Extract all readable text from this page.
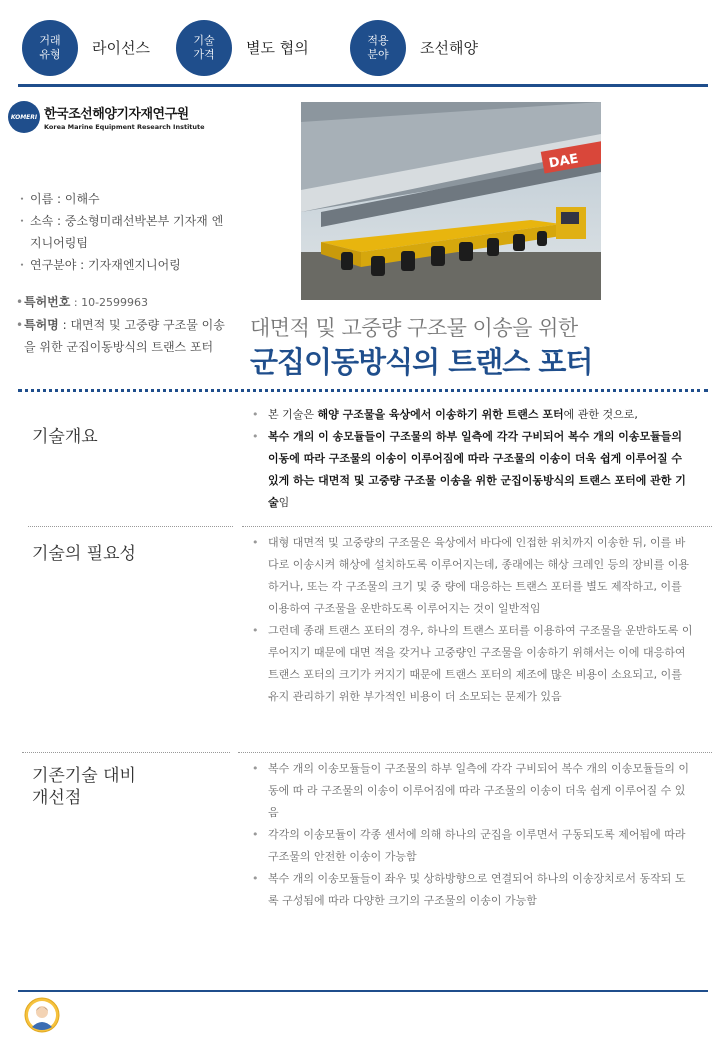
거래
유형 라이선스	기술
가격 별도 협의	적용
분야 조선해양
KOMERI 한국조선해양기자재연구원
Korea Marine Equipment Research Institute
・ 이름 : 이해수
・ 소속 : 중소형미래선박본부 기자재 엔지니어링팀
・ 연구분야 : 기자재엔지니어링
• 특허번호 : 10-2599963
• 특허명 : 대면적 및 고중량 구조물 이송을 위한 군집이동방식의 트랜스 포터
DAE
대면적 및 고중량 구조물 이송을 위한
군집이동방식의 트랜스 포터
기술개요
• 본 기술은 해양 구조물을 육상에서 이송하기 위한 트랜스 포터에 관한 것으로,
• 복수 개의 이 송모듈들이 구조물의 하부 일측에 각각 구비되어 복수 개의 이송모듈들의 이동에 따라 구조물의 이송이 이루어짐에 따라 구조물의 이송이 더욱 쉽게 이루어질 수 있게 하는 대면적 및 고중량 구조물 이송을 위한 군집이동방식의 트랜스 포터에 관한 기술임
기술의 필요성
• 대형 대면적 및 고중량의 구조물은 육상에서 바다에 인접한 위치까지 이송한 뒤, 이를 바다로 이송시켜 해상에 설치하도록 이루어지는데, 종래에는 해상 크레인 등의 장비를 이용하거나, 또는 각 구조물의 크기 및 중 량에 대응하는 트랜스 포터를 별도 제작하고, 이를 이용하여 구조물을 운반하도록 이루어지는 것이 일반적임
• 그런데 종래 트랜스 포터의 경우, 하나의 트랜스 포터를 이용하여 구조물을 운반하도록 이루어지기 때문에 대면 적을 갖거나 고중량인 구조물을 이송하기 위해서는 이에 대응하여 트랜스 포터의 크기가 커지기 때문에 트랜스 포터의 제조에 많은 비용이 소요되고, 이를 유지 관리하기 위한 부가적인 비용이 더 소모되는 문제가 있음
기존기술 대비
개선점
• 복수 개의 이송모듈들이 구조물의 하부 일측에 각각 구비되어 복수 개의 이송모듈들의 이동에 따 라 구조물의 이송이 이루어짐에 따라 구조물의 이송이 더욱 쉽게 이루어질 수 있음
• 각각의 이송모듈이 각종 센서에 의해 하나의 군집을 이루면서 구동되도록 제어됨에 따라 구조물의 안전한 이송이 가능함
• 복수 개의 이송모듈들이 좌우 및 상하방향으로 연결되어 하나의 이송장치로서 동작되 도록 구성됨에 따라 다양한 크기의 구조물의 이송이 가능함
